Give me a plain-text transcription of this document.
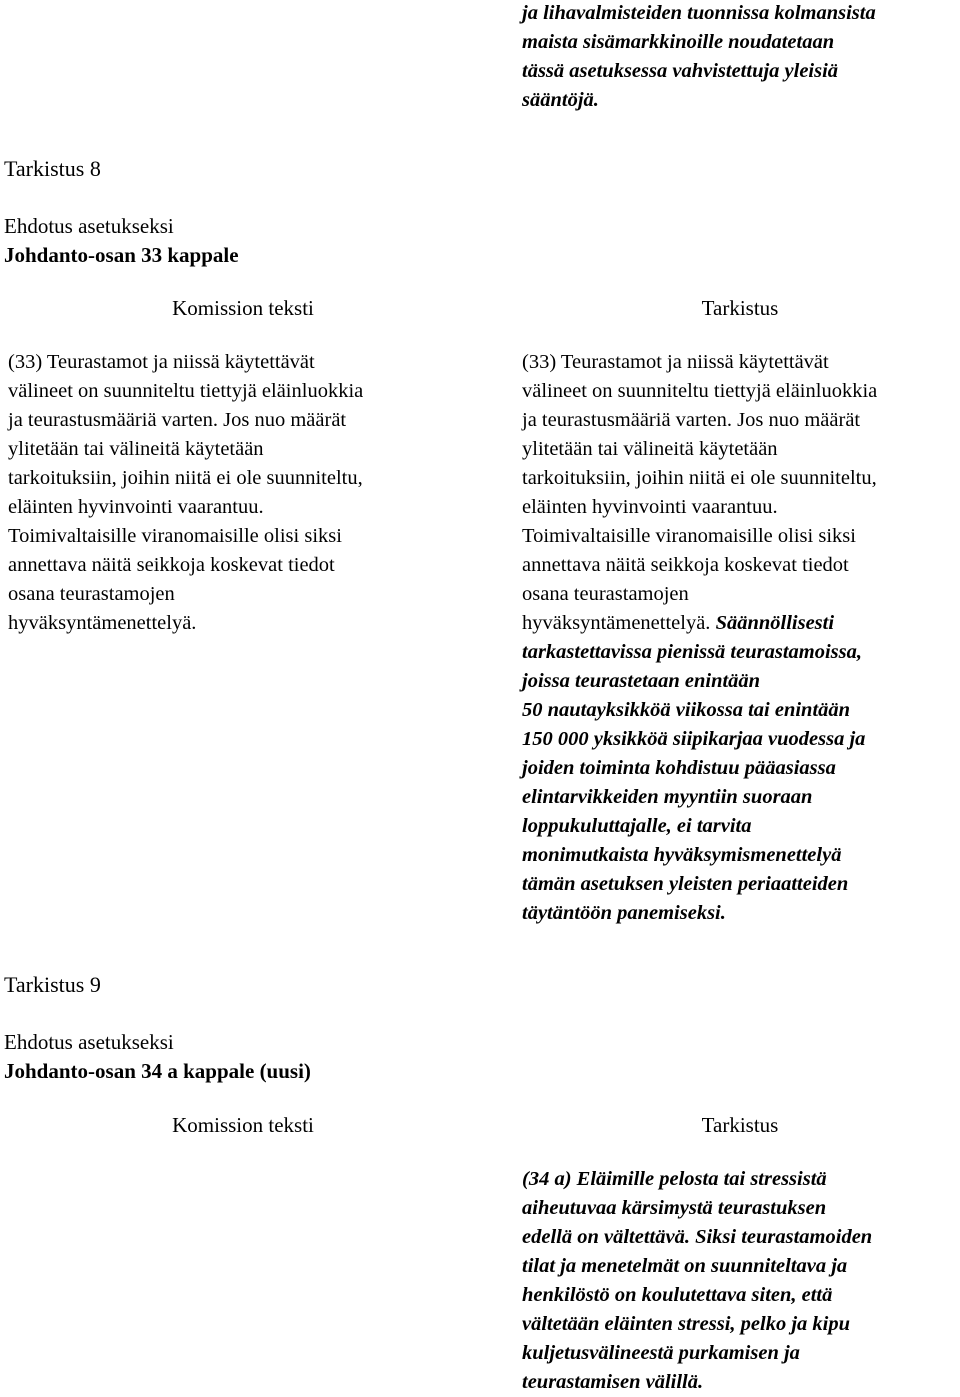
ja lihavalmisteiden tuonnissa kolmansista
maista sisämarkkinoille noudatetaan
tässä asetuksessa vahvistettuja yleisiä
sääntöjä.
Tarkistus 8
Ehdotus asetukseksi
Johdanto-osan 33 kappale
Komission teksti	Tarkistus
(33) Teurastamot ja niissä käytettävät
välineet on suunniteltu tiettyjä eläinluokkia
ja teurastusmääriä varten. Jos nuo määrät
ylitetään tai välineitä käytetään
tarkoituksiin, joihin niitä ei ole suunniteltu,
eläinten hyvinvointi vaarantuu.
Toimivaltaisille viranomaisille olisi siksi
annettava näitä seikkoja koskevat tiedot
osana teurastamojen
hyväksyntämenettelyä.
(33) Teurastamot ja niissä käytettävät
välineet on suunniteltu tiettyjä eläinluokkia
ja teurastusmääriä varten. Jos nuo määrät
ylitetään tai välineitä käytetään
tarkoituksiin, joihin niitä ei ole suunniteltu,
eläinten hyvinvointi vaarantuu.
Toimivaltaisille viranomaisille olisi siksi
annettava näitä seikkoja koskevat tiedot
osana teurastamojen
hyväksyntämenettelyä. Säännöllisesti
tarkastettavissa pienissä teurastamoissa,
joissa teurastetaan enintään
50 nautayksikköä viikossa tai enintään
150 000 yksikköä siipikarjaa vuodessa ja
joiden toiminta kohdistuu pääasiassa
elintarvikkeiden myyntiin suoraan
loppukuluttajalle, ei tarvita
monimutkaista hyväksymismenettelyä
tämän asetuksen yleisten periaatteiden
täytäntöön panemiseksi.
Tarkistus 9
Ehdotus asetukseksi
Johdanto-osan 34 a kappale (uusi)
Komission teksti	Tarkistus
(34 a) Eläimille pelosta tai stressistä
aiheutuvaa kärsimystä teurastuksen
edellä on vältettävä. Siksi teurastamoiden
tilat ja menetelmät on suunniteltava ja
henkilöstö on koulutettava siten, että
vältetään eläinten stressi, pelko ja kipu
kuljetusvälineestä purkamisen ja
teurastamisen välillä.
